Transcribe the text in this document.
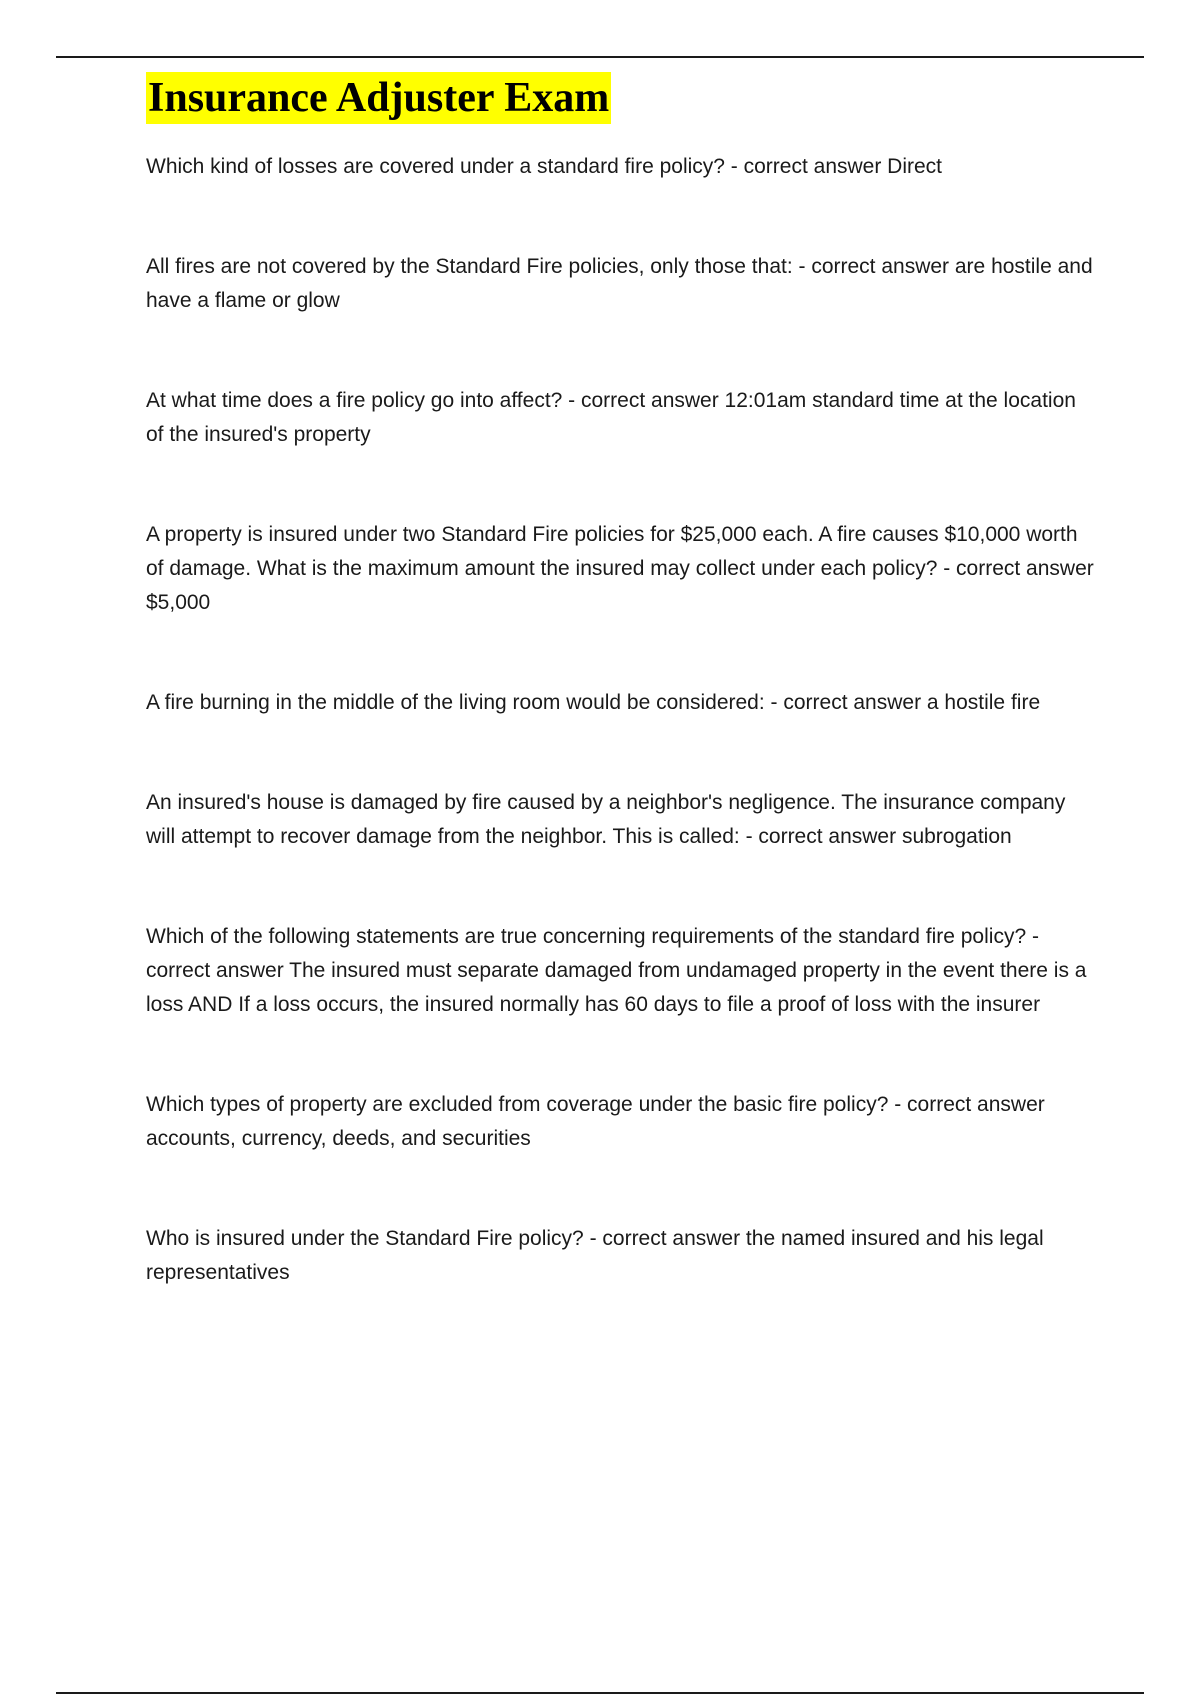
Insurance Adjuster Exam
Which kind of losses are covered under a standard fire policy? - correct answer Direct
All fires are not covered by the Standard Fire policies, only those that: - correct answer are hostile and have a flame or glow
At what time does a fire policy go into affect? - correct answer 12:01am standard time at the location of the insured's property
A property is insured under two Standard Fire policies for $25,000 each. A fire causes $10,000 worth of damage. What is the maximum amount the insured may collect under each policy? - correct answer $5,000
A fire burning in the middle of the living room would be considered: - correct answer a hostile fire
An insured's house is damaged by fire caused by a neighbor's negligence. The insurance company will attempt to recover damage from the neighbor. This is called: - correct answer subrogation
Which of the following statements are true concerning requirements of the standard fire policy? - correct answer The insured must separate damaged from undamaged property in the event there is a loss AND If a loss occurs, the insured normally has 60 days to file a proof of loss with the insurer
Which types of property are excluded from coverage under the basic fire policy? - correct answer accounts, currency, deeds, and securities
Who is insured under the Standard Fire policy? - correct answer the named insured and his legal representatives
